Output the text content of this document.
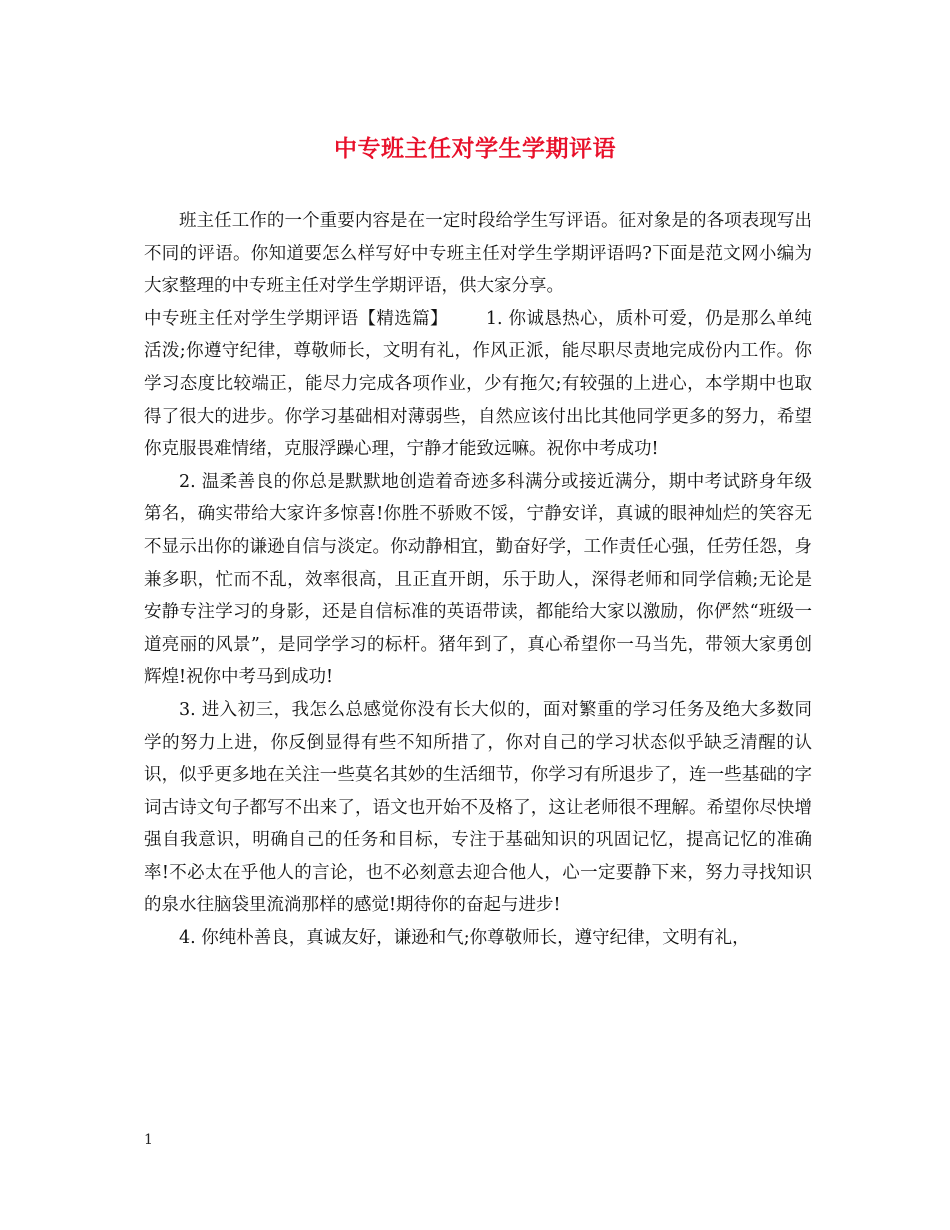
中专班主任对学生学期评语

班主任工作的一个重要内容是在一定时段给学生写评语。征对象是的各项表现写出不同的评语。你知道要怎么样写好中专班主任对学生学期评语吗?下面是范文网小编为大家整理的中专班主任对学生学期评语，供大家分享。

中专班主任对学生学期评语【精选篇】 1. 你诚恳热心，质朴可爱，仍是那么单纯活泼;你遵守纪律，尊敬师长，文明有礼，作风正派，能尽职尽责地完成份内工作。你学习态度比较端正，能尽力完成各项作业，少有拖欠;有较强的上进心，本学期中也取得了很大的进步。你学习基础相对薄弱些，自然应该付出比其他同学更多的努力，希望你克服畏难情绪，克服浮躁心理，宁静才能致远嘛。祝你中考成功!

2. 温柔善良的你总是默默地创造着奇迹多科满分或接近满分，期中考试跻身年级第名，确实带给大家许多惊喜!你胜不骄败不馁，宁静安详，真诚的眼神灿烂的笑容无不显示出你的谦逊自信与淡定。你动静相宜，勤奋好学，工作责任心强，任劳任怨，身兼多职，忙而不乱，效率很高，且正直开朗，乐于助人，深得老师和同学信赖;无论是安静专注学习的身影，还是自信标准的英语带读，都能给大家以激励，你俨然“班级一道亮丽的风景”，是同学学习的标杆。猪年到了，真心希望你一马当先，带领大家勇创辉煌!祝你中考马到成功!

3. 进入初三，我怎么总感觉你没有长大似的，面对繁重的学习任务及绝大多数同学的努力上进，你反倒显得有些不知所措了，你对自己的学习状态似乎缺乏清醒的认识，似乎更多地在关注一些莫名其妙的生活细节，你学习有所退步了，连一些基础的字词古诗文句子都写不出来了，语文也开始不及格了，这让老师很不理解。希望你尽快增强自我意识，明确自己的任务和目标，专注于基础知识的巩固记忆，提高记忆的准确率!不必太在乎他人的言论，也不必刻意去迎合他人，心一定要静下来，努力寻找知识的泉水往脑袋里流淌那样的感觉!期待你的奋起与进步!

4. 你纯朴善良，真诚友好，谦逊和气;你尊敬师长，遵守纪律，文明有礼，

1
